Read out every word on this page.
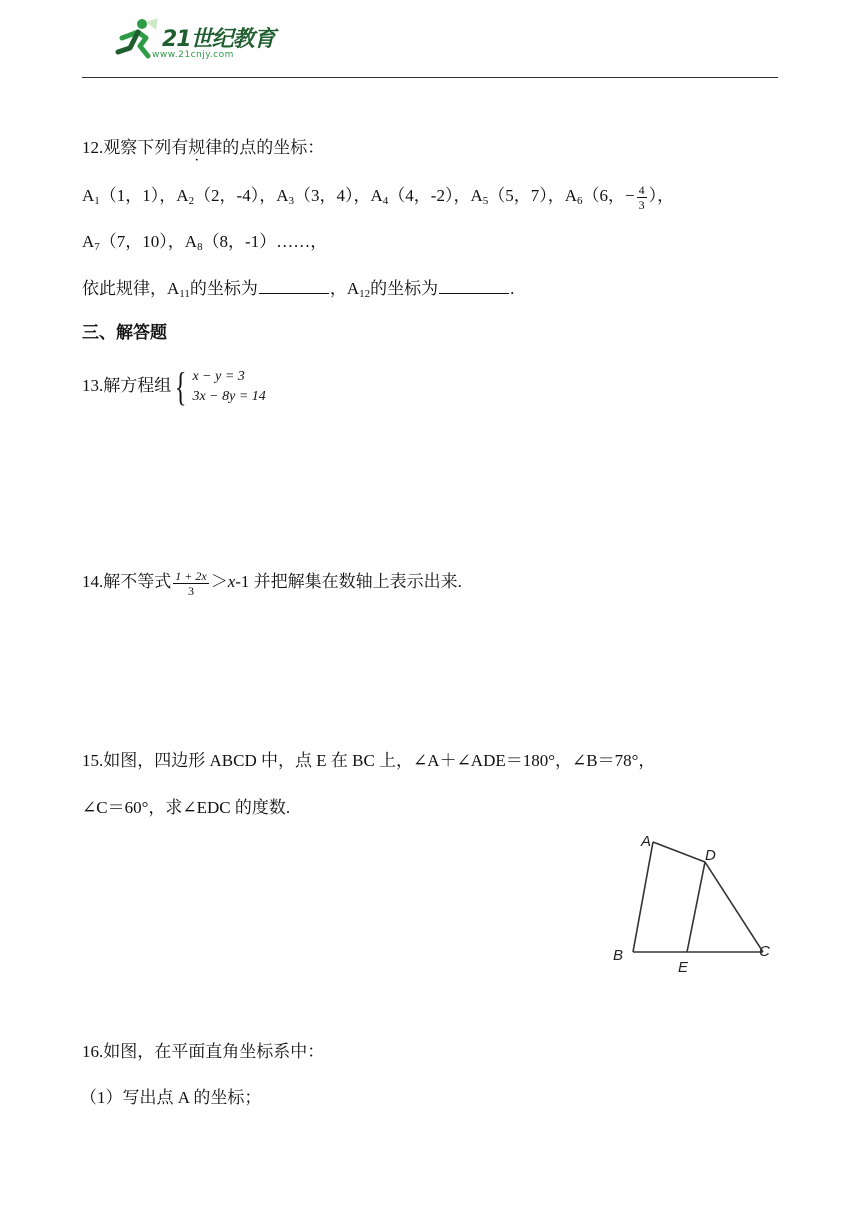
21世纪教育
www.21cnjy.com
12.观察下列有规律的点的坐标：
$A_1(1$，1），$A_2(2$，-4），$A_3(3$，4），$A_4(4$，-2），$A_5(5$，7），$A_6(6$，− $\frac{4}{3}$ ），
$A_7(7$，10），$A_8(8$，-1）……，
依此规律，$A_{11}$的坐标为	，$A_{12}$的坐标为	.
三、解答题
13.解方程组 { x − y = 3
3x − 8y = 14
14.解不等式 $\frac{1 + 2x}{3} >x-1$ 并把解集在数轴上表示出来.
15.如图，四边形 ABCD 中，点 E 在 BC 上，∠A＋∠ADE＝180°，∠B＝78°，
∠C＝60°，求∠EDC 的度数.
A
D
B
E
C
16.如图，在平面直角坐标系中：
（1）写出点 A 的坐标；
